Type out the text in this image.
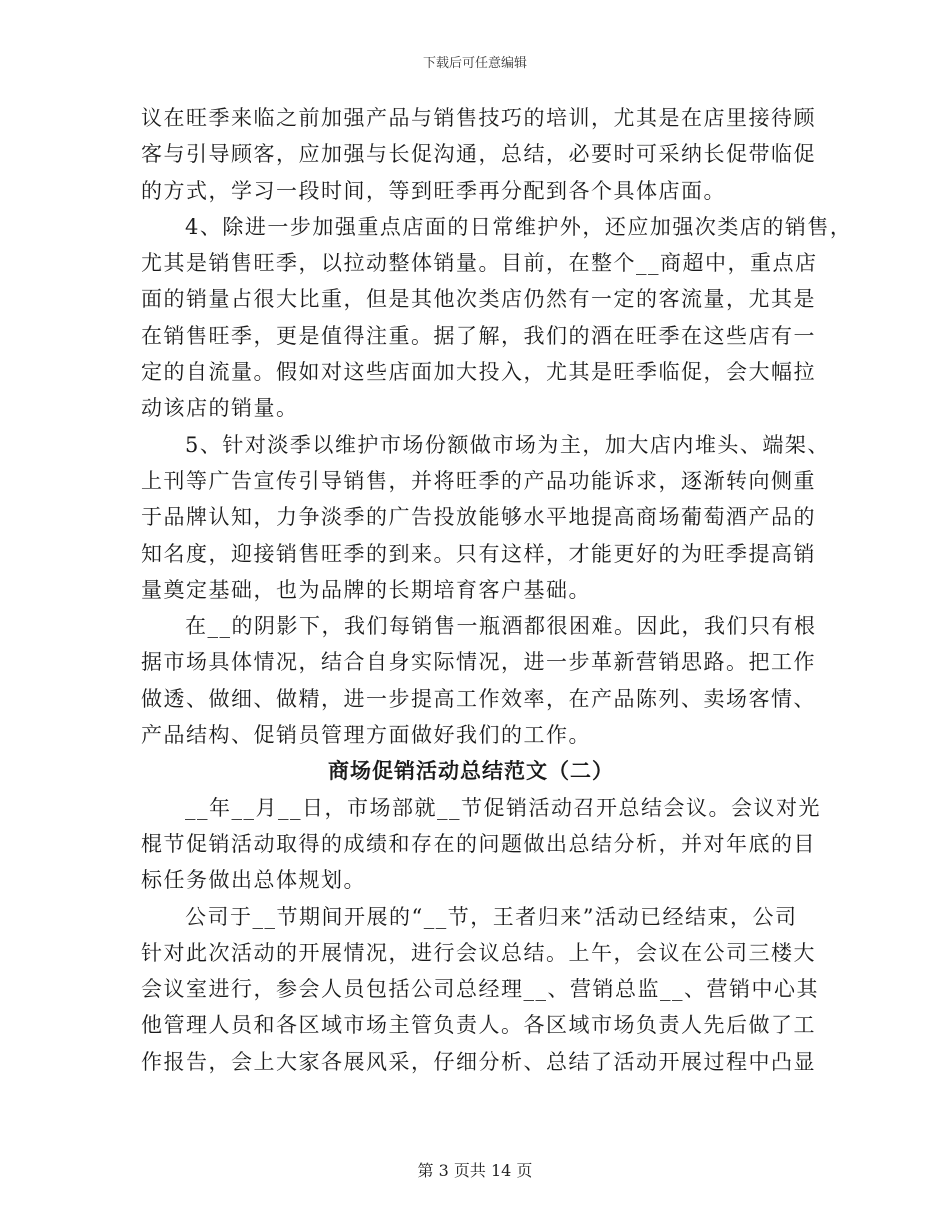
下载后可任意编辑
议在旺季来临之前加强产品与销售技巧的培训，尤其是在店里接待顾
客与引导顾客，应加强与长促沟通，总结，必要时可采纳长促带临促
的方式，学习一段时间，等到旺季再分配到各个具体店面。
4、除进一步加强重点店面的日常维护外，还应加强次类店的销售，
尤其是销售旺季，以拉动整体销量。目前，在整个__商超中，重点店
面的销量占很大比重，但是其他次类店仍然有一定的客流量，尤其是
在销售旺季，更是值得注重。据了解，我们的酒在旺季在这些店有一
定的自流量。假如对这些店面加大投入，尤其是旺季临促，会大幅拉
动该店的销量。
5、针对淡季以维护市场份额做市场为主，加大店内堆头、端架、
上刊等广告宣传引导销售，并将旺季的产品功能诉求，逐渐转向侧重
于品牌认知，力争淡季的广告投放能够水平地提高商场葡萄酒产品的
知名度，迎接销售旺季的到来。只有这样，才能更好的为旺季提高销
量奠定基础，也为品牌的长期培育客户基础。
在__的阴影下，我们每销售一瓶酒都很困难。因此，我们只有根
据市场具体情况，结合自身实际情况，进一步革新营销思路。把工作
做透、做细、做精，进一步提高工作效率，在产品陈列、卖场客情、
产品结构、促销员管理方面做好我们的工作。
商场促销活动总结范文（二）
__年__月__日，市场部就__节促销活动召开总结会议。会议对光
棍节促销活动取得的成绩和存在的问题做出总结分析，并对年底的目
标任务做出总体规划。
公司于__节期间开展的“__节，王者归来”活动已经结束，公司
针对此次活动的开展情况，进行会议总结。上午，会议在公司三楼大
会议室进行，参会人员包括公司总经理__、营销总监__、营销中心其
他管理人员和各区域市场主管负责人。各区域市场负责人先后做了工
作报告，会上大家各展风采，仔细分析、总结了活动开展过程中凸显
第 3 页共 14 页
